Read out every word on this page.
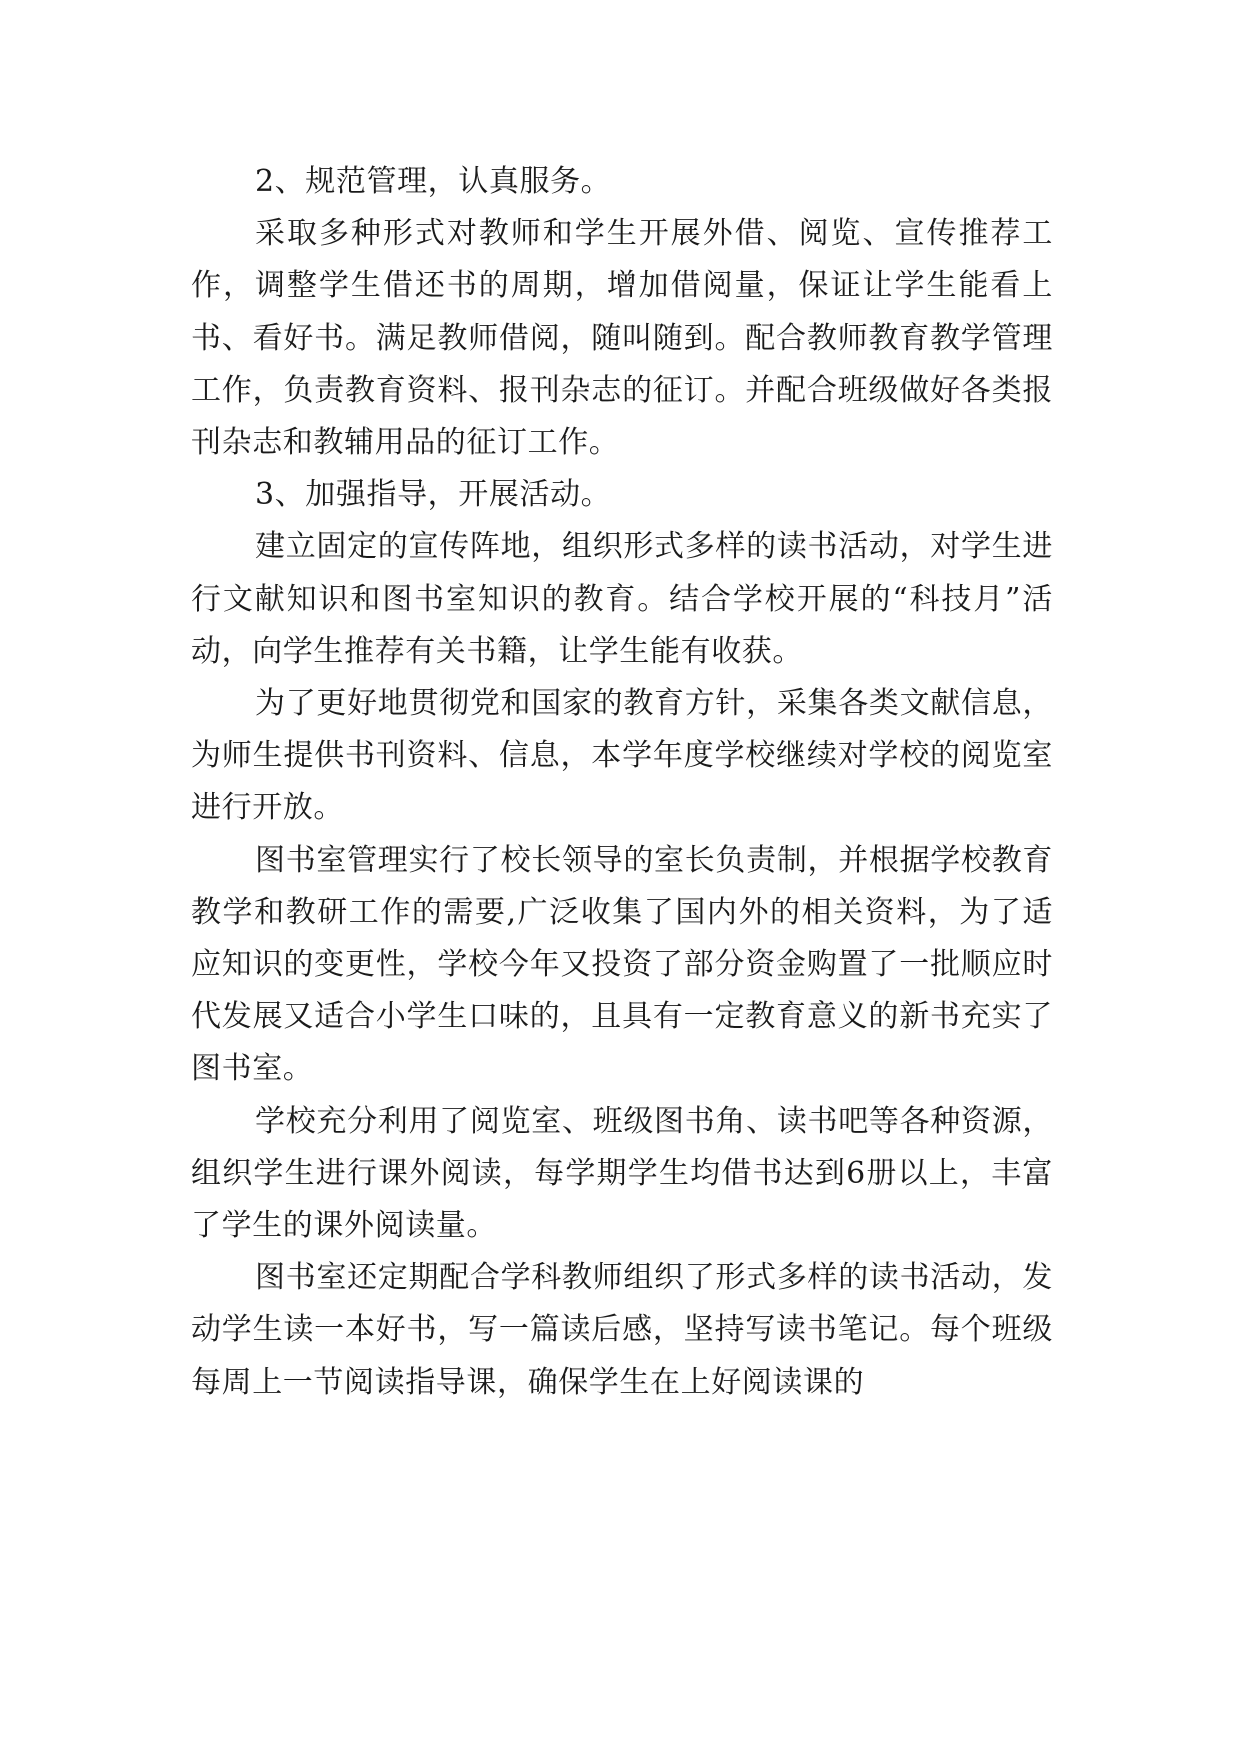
2、规范管理，认真服务。

采取多种形式对教师和学生开展外借、阅览、宣传推荐工作，调整学生借还书的周期，增加借阅量，保证让学生能看上书、看好书。满足教师借阅，随叫随到。配合教师教育教学管理工作，负责教育资料、报刊杂志的征订。并配合班级做好各类报刊杂志和教辅用品的征订工作。

3、加强指导，开展活动。

建立固定的宣传阵地，组织形式多样的读书活动，对学生进行文献知识和图书室知识的教育。结合学校开展的“科技月”活动，向学生推荐有关书籍，让学生能有收获。

为了更好地贯彻党和国家的教育方针，采集各类文献信息，为师生提供书刊资料、信息，本学年度学校继续对学校的阅览室进行开放。

图书室管理实行了校长领导的室长负责制，并根据学校教育教学和教研工作的需要,广泛收集了国内外的相关资料，为了适应知识的变更性，学校今年又投资了部分资金购置了一批顺应时代发展又适合小学生口味的，且具有一定教育意义的新书充实了图书室。

学校充分利用了阅览室、班级图书角、读书吧等各种资源，组织学生进行课外阅读，每学期学生均借书达到6册以上，丰富了学生的课外阅读量。

图书室还定期配合学科教师组织了形式多样的读书活动，发动学生读一本好书，写一篇读后感，坚持写读书笔记。每个班级每周上一节阅读指导课，确保学生在上好阅读课的
